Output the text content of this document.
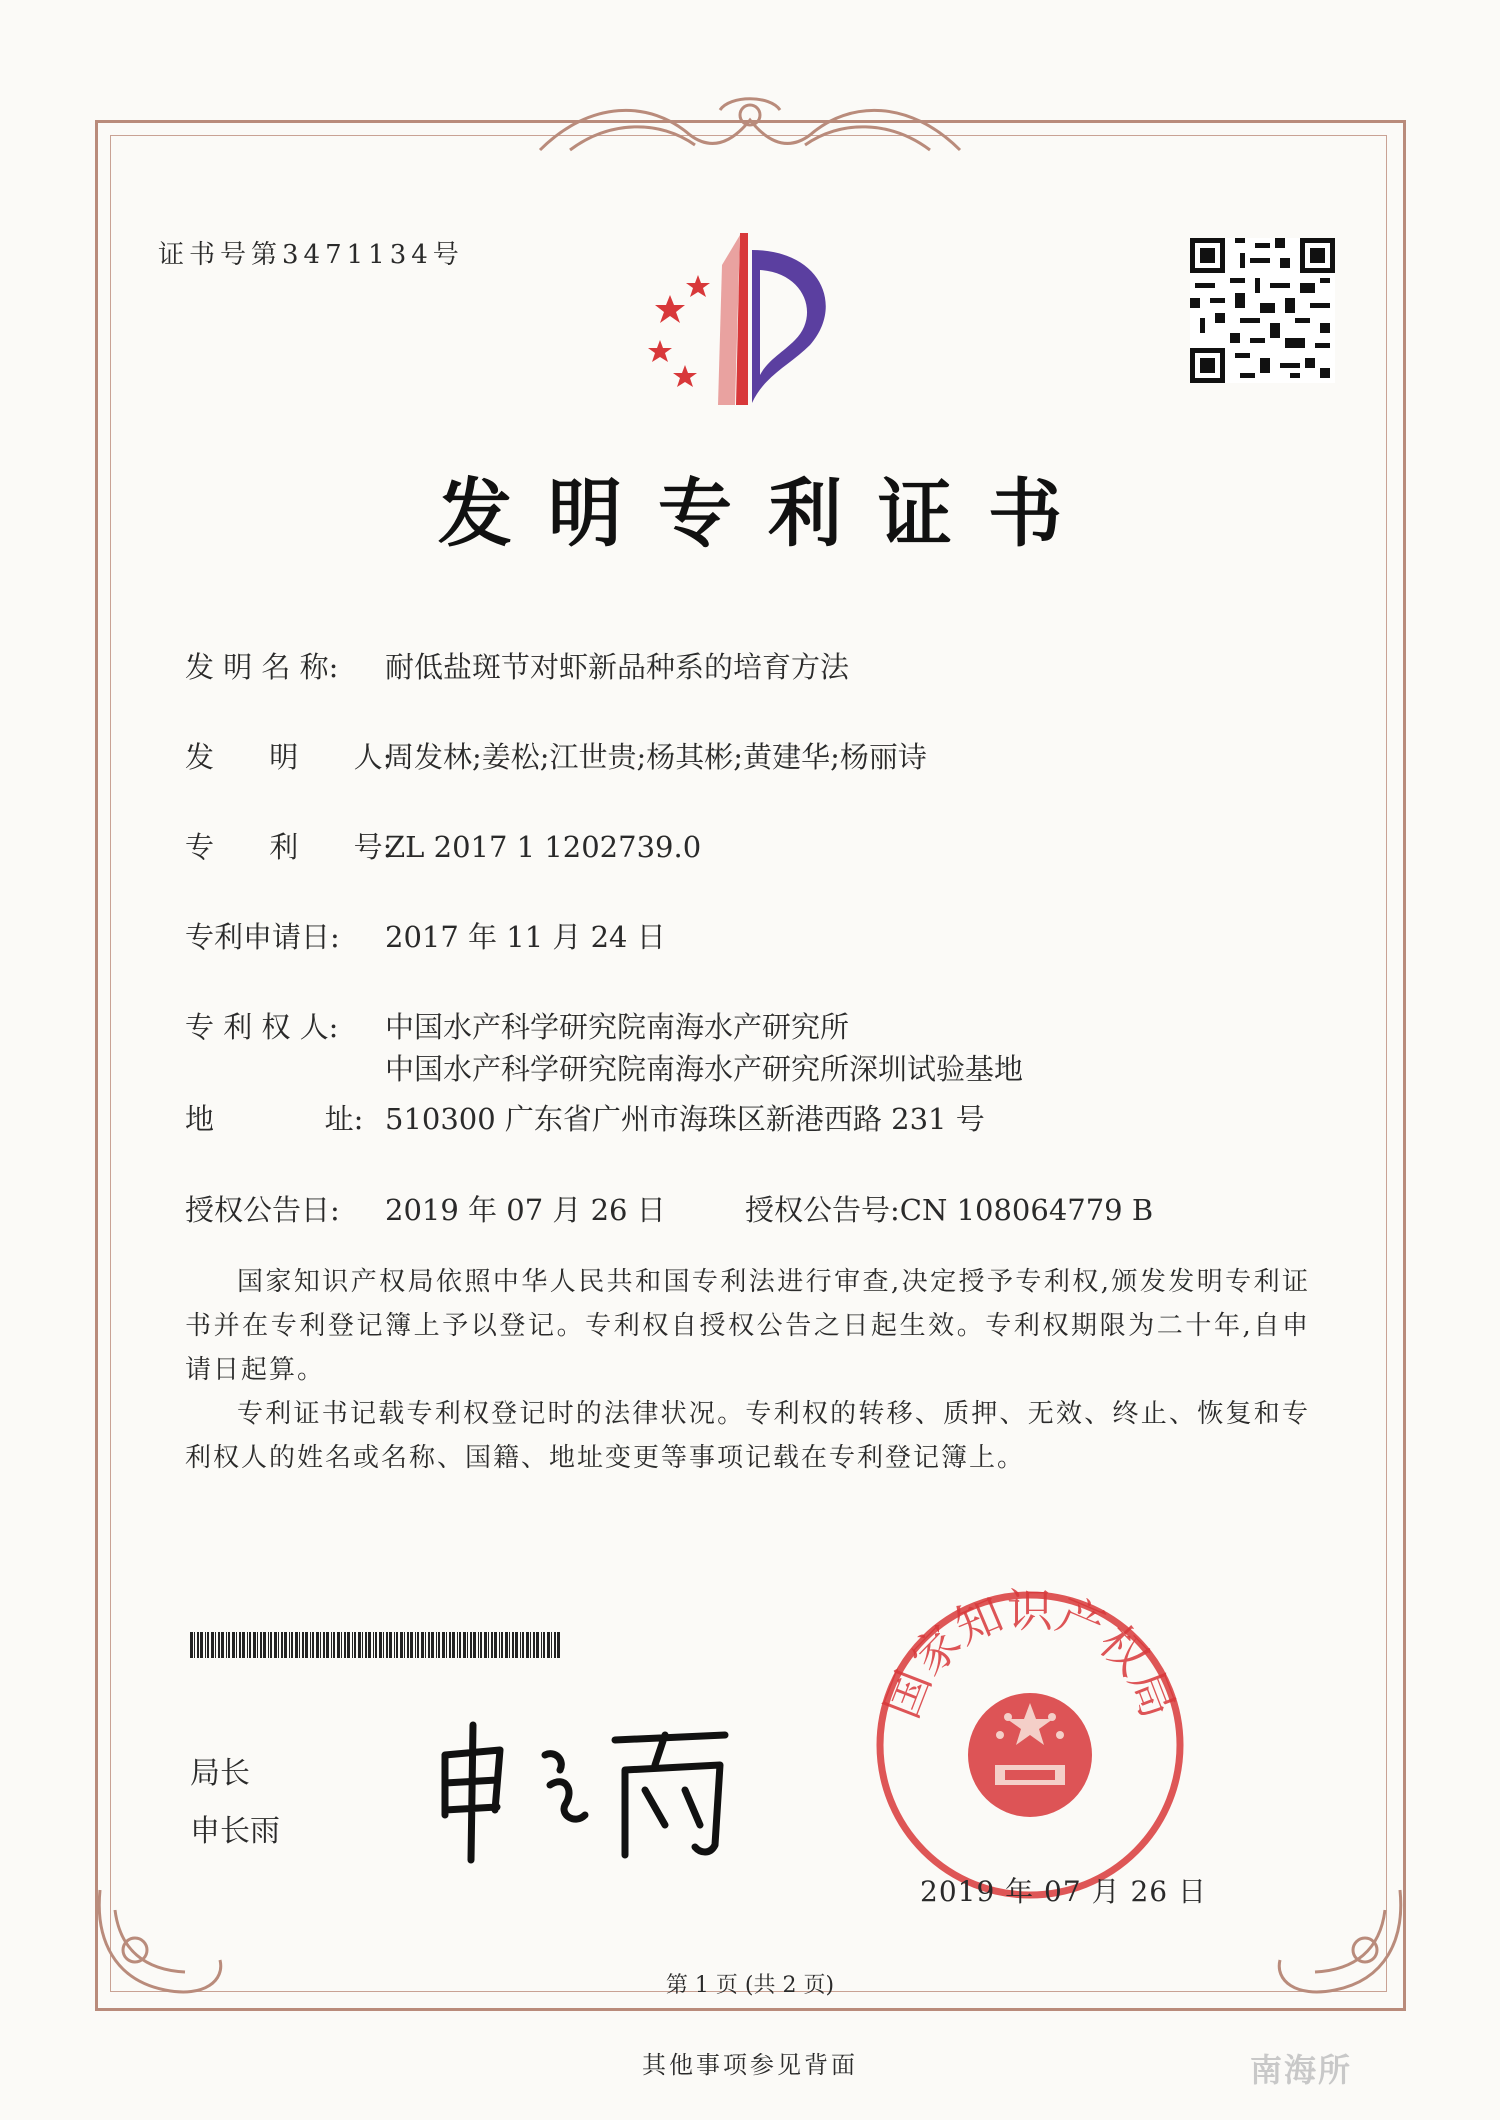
证书号第3471134号
发明专利证书
发 明 名 称: 耐低盐斑节对虾新品种系的培育方法
发      明      人:周发林;姜松;江世贵;杨其彬;黄建华;杨丽诗
专      利      号:ZL 2017 1 1202739.0
专利申请日: 2017 年 11 月 24 日
专 利 权 人: 中国水产科学研究院南海水产研究所
中国水产科学研究院南海水产研究所深圳试验基地
地            址: 510300 广东省广州市海珠区新港西路 231 号
授权公告日: 2019 年 07 月 26 日	授权公告号:CN 108064779 B
国家知识产权局依照中华人民共和国专利法进行审查,决定授予专利权,颁发发明专利证书并在专利登记簿上予以登记。专利权自授权公告之日起生效。专利权期限为二十年,自申请日起算。
专利证书记载专利权登记时的法律状况。专利权的转移、质押、无效、终止、恢复和专利权人的姓名或名称、国籍、地址变更等事项记载在专利登记簿上。
局长
申长雨
国家知识产权局
2019 年 07 月 26 日
第 1 页 (共 2 页)
其他事项参见背面	南海所
